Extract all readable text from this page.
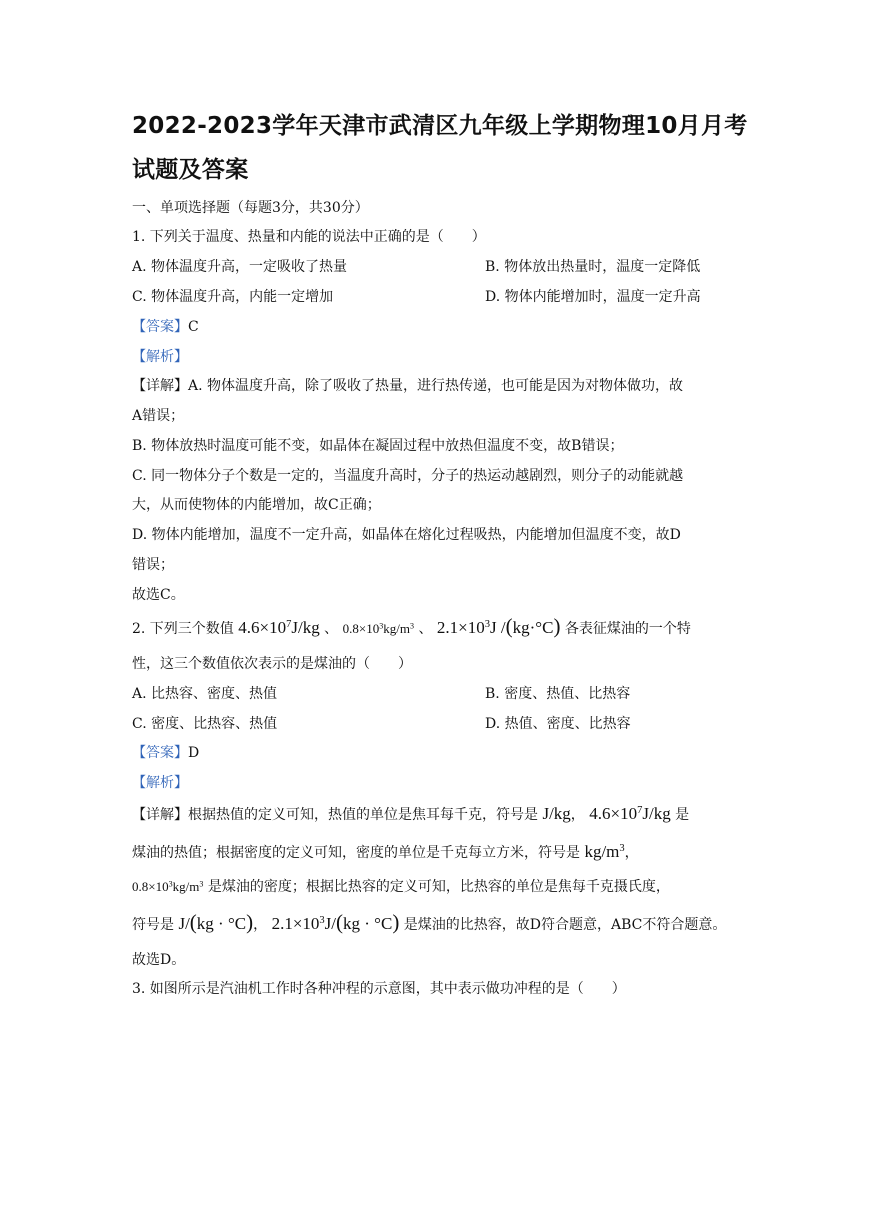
2022-2023学年天津市武清区九年级上学期物理10月月考
试题及答案
一、单项选择题（每题3分，共30分）
1. 下列关于温度、热量和内能的说法中正确的是（　　）
A. 物体温度升高，一定吸收了热量	B. 物体放出热量时，温度一定降低
C. 物体温度升高，内能一定增加	D. 物体内能增加时，温度一定升高
【答案】C
【解析】
【详解】A. 物体温度升高，除了吸收了热量，进行热传递，也可能是因为对物体做功，故
A错误；
B. 物体放热时温度可能不变，如晶体在凝固过程中放热但温度不变，故B错误；
C. 同一物体分子个数是一定的，当温度升高时，分子的热运动越剧烈，则分子的动能就越
大，从而使物体的内能增加，故C正确；
D. 物体内能增加，温度不一定升高，如晶体在熔化过程吸热，内能增加但温度不变，故D
错误；
故选C。
2. 下列三个数值 $4.6\times 10^7J/kg$ 、 $0.8\times 10^3kg/m^3$ 、 $2.1\times 10^3J$ /(kg·°C) 各表征煤油的一个特
性，这三个数值依次表示的是煤油的（　　）
A. 比热容、密度、热值	B. 密度、热值、比热容
C. 密度、比热容、热值	D. 热值、密度、比热容
【答案】D
【解析】
【详解】根据热值的定义可知，热值的单位是焦耳每千克，符号是 J/kg， $4.6\times 10^7J/kg$ 是
煤油的热值；根据密度的定义可知，密度的单位是千克每立方米，符号是 $kg/m^3$，
$0.8\times 10^3kg/m^3$ 是煤油的密度；根据比热容的定义可知，比热容的单位是焦每千克摄氏度，
符号是 J/(kg · °C)， $2.1\times 10^3J/(kg \cdot ^\circ C)$ 是煤油的比热容，故D符合题意，ABC不符合题意。
故选D。
3. 如图所示是汽油机工作时各种冲程的示意图，其中表示做功冲程的是（　　）
